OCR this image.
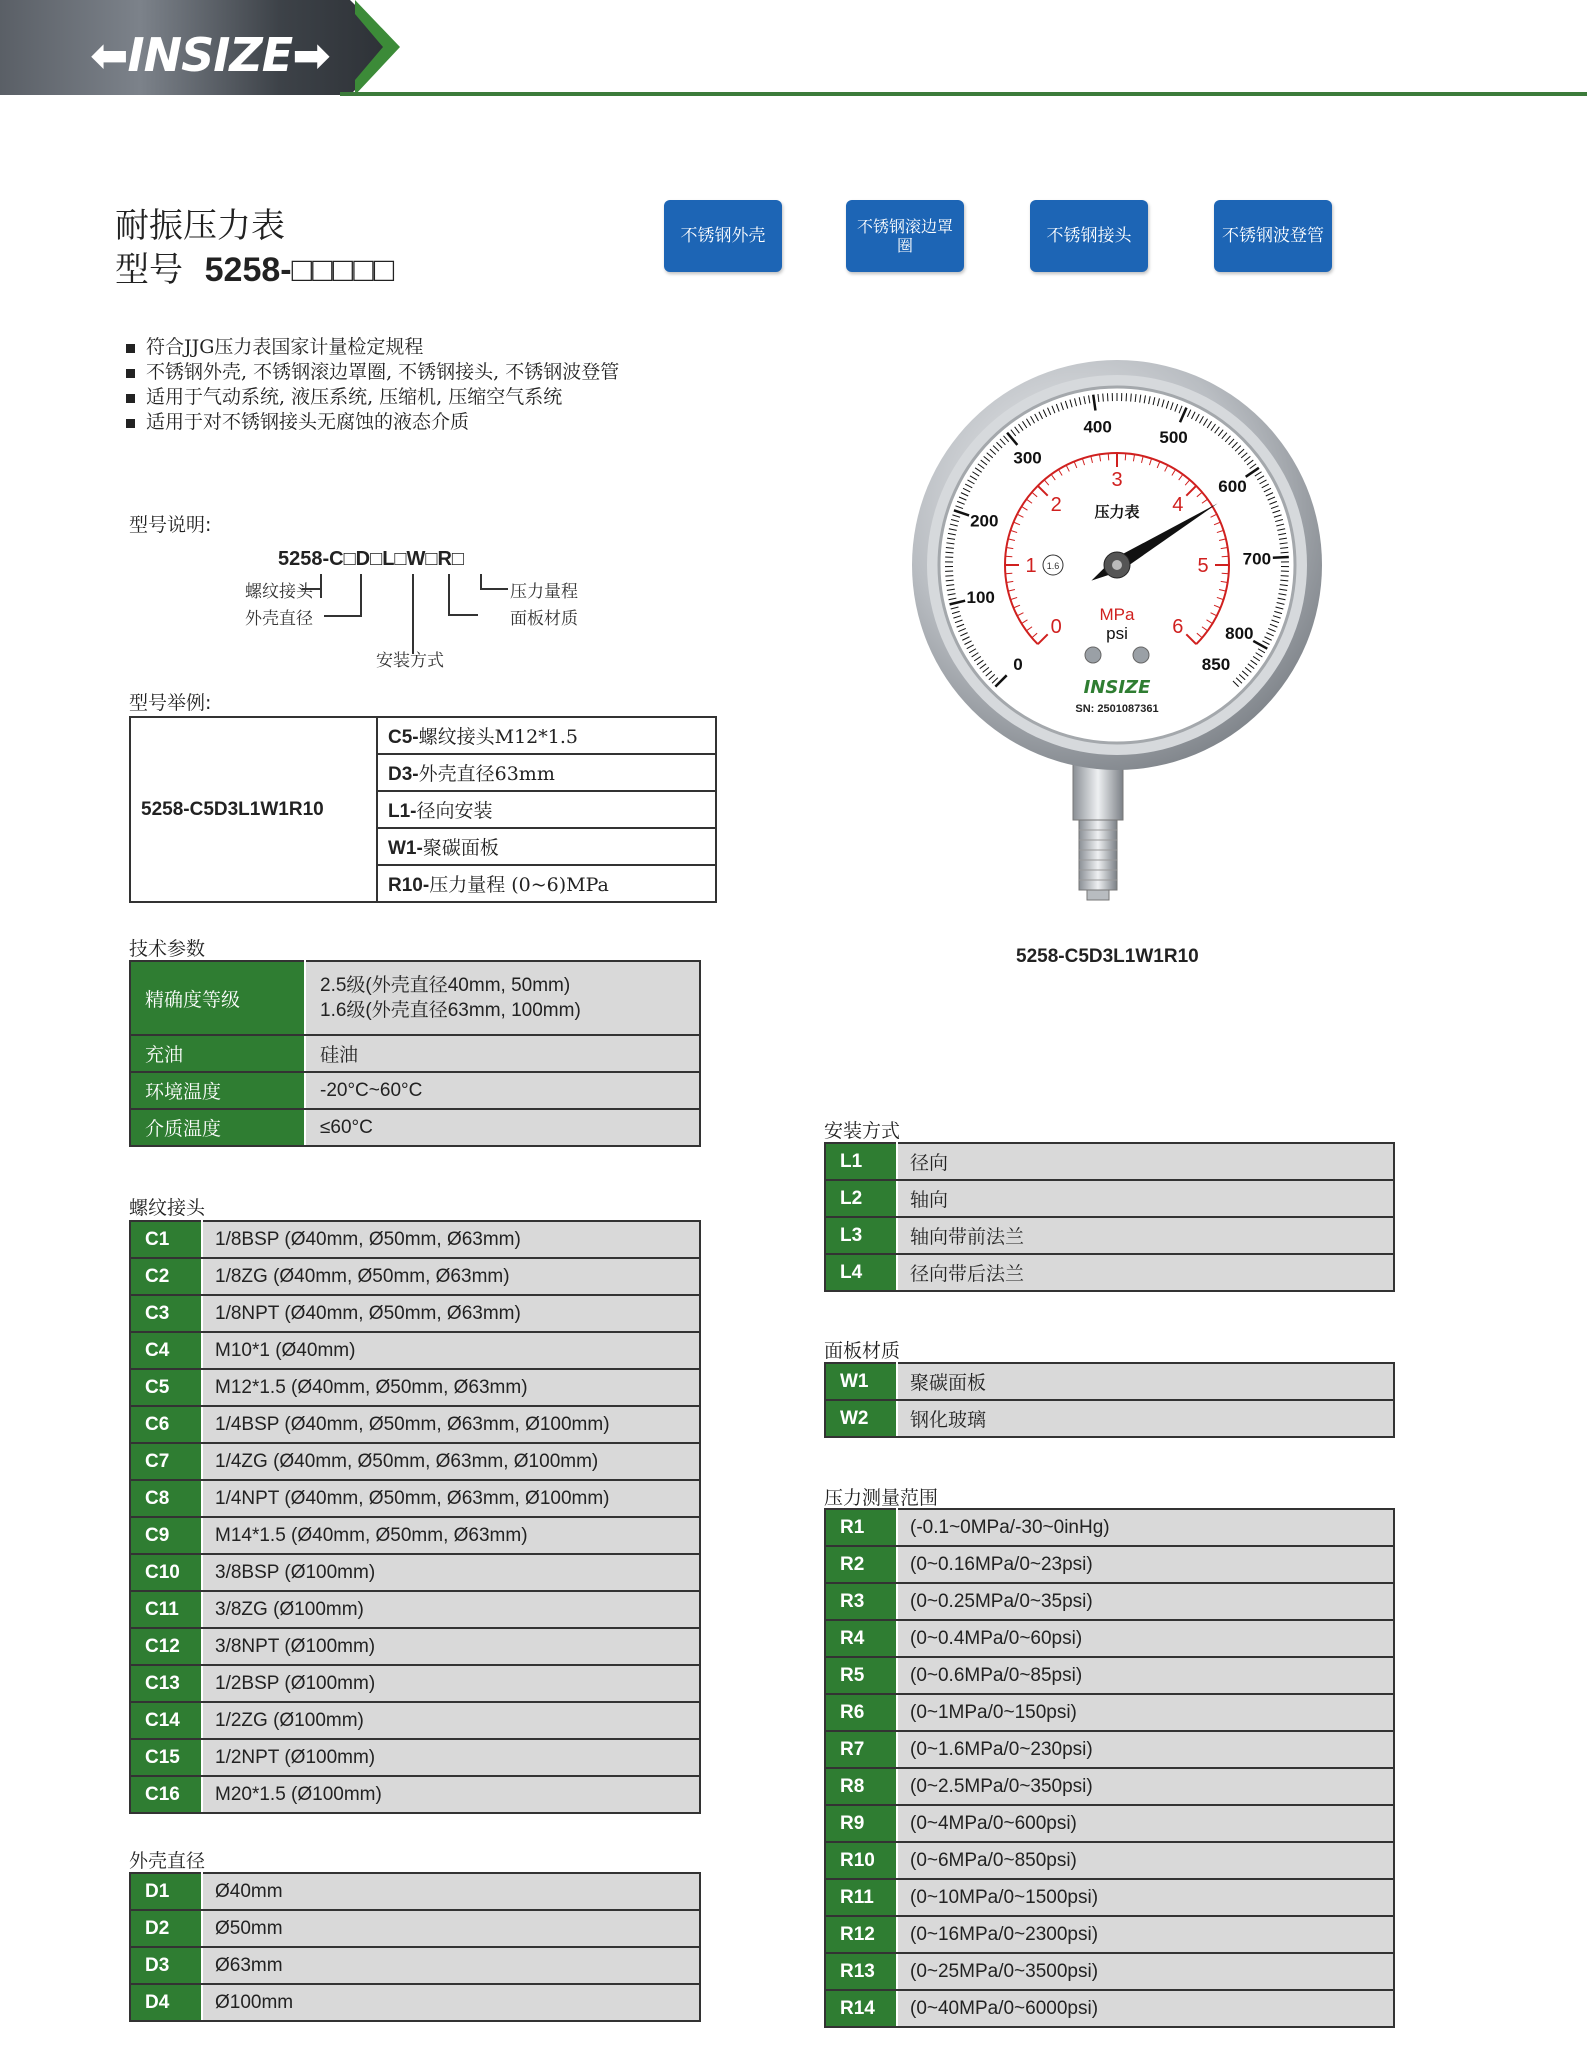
⬅INSIZE➡
耐振压力表
型号 5258-□□□□□
不锈钢外壳	不锈钢滚边罩圈	不锈钢接头	不锈钢波登管
符合JJG压力表国家计量检定规程
不锈钢外壳, 不锈钢滚边罩圈, 不锈钢接头, 不锈钢波登管
适用于气动系统, 液压系统, 压缩机, 压缩空气系统
适用于对不锈钢接头无腐蚀的液态介质
型号说明:
5258-C□D□L□W□R□
螺纹接头
外壳直径
安装方式
压力量程
面板材质
型号举例:
5258-C5D3L1W1R10	C5-螺纹接头M12*1.5
D3-外壳直径63mm
L1-径向安装
W1-聚碳面板
R10-压力量程 (0~6)MPa
技术参数
精确度等级	2.5级(外壳直径40mm, 50mm)
1.6级(外壳直径63mm, 100mm)

充油	硅油
环境温度	-20°C~60°C
介质温度	≤60°C
螺纹接头
C1	1/8BSP (Ø40mm, Ø50mm, Ø63mm)
C2	1/8ZG (Ø40mm, Ø50mm, Ø63mm)
C3	1/8NPT (Ø40mm, Ø50mm, Ø63mm)
C4	M10*1 (Ø40mm)
C5	M12*1.5 (Ø40mm, Ø50mm, Ø63mm)
C6	1/4BSP (Ø40mm, Ø50mm, Ø63mm, Ø100mm)
C7	1/4ZG (Ø40mm, Ø50mm, Ø63mm, Ø100mm)
C8	1/4NPT (Ø40mm, Ø50mm, Ø63mm, Ø100mm)
C9	M14*1.5 (Ø40mm, Ø50mm, Ø63mm)
C10	3/8BSP (Ø100mm)
C11	3/8ZG (Ø100mm)
C12	3/8NPT (Ø100mm)
C13	1/2BSP (Ø100mm)
C14	1/2ZG (Ø100mm)
C15	1/2NPT (Ø100mm)
C16	M20*1.5 (Ø100mm)
外壳直径
D1	Ø40mm
D2	Ø50mm
D3	Ø63mm
D4	Ø100mm
0
100
200
300
400
500
600
700
800
850
0
1
2
3
4
5
6
压力表
MPa
psi
1.6
INSIZE
SN: 2501087361
5258-C5D3L1W1R10
安装方式
L1	径向
L2	轴向
L3	轴向带前法兰
L4	径向带后法兰
面板材质
W1	聚碳面板
W2	钢化玻璃
压力测量范围
R1	(-0.1~0MPa/-30~0inHg)
R2	(0~0.16MPa/0~23psi)
R3	(0~0.25MPa/0~35psi)
R4	(0~0.4MPa/0~60psi)
R5	(0~0.6MPa/0~85psi)
R6	(0~1MPa/0~150psi)
R7	(0~1.6MPa/0~230psi)
R8	(0~2.5MPa/0~350psi)
R9	(0~4MPa/0~600psi)
R10	(0~6MPa/0~850psi)
R11	(0~10MPa/0~1500psi)
R12	(0~16MPa/0~2300psi)
R13	(0~25MPa/0~3500psi)
R14	(0~40MPa/0~6000psi)
